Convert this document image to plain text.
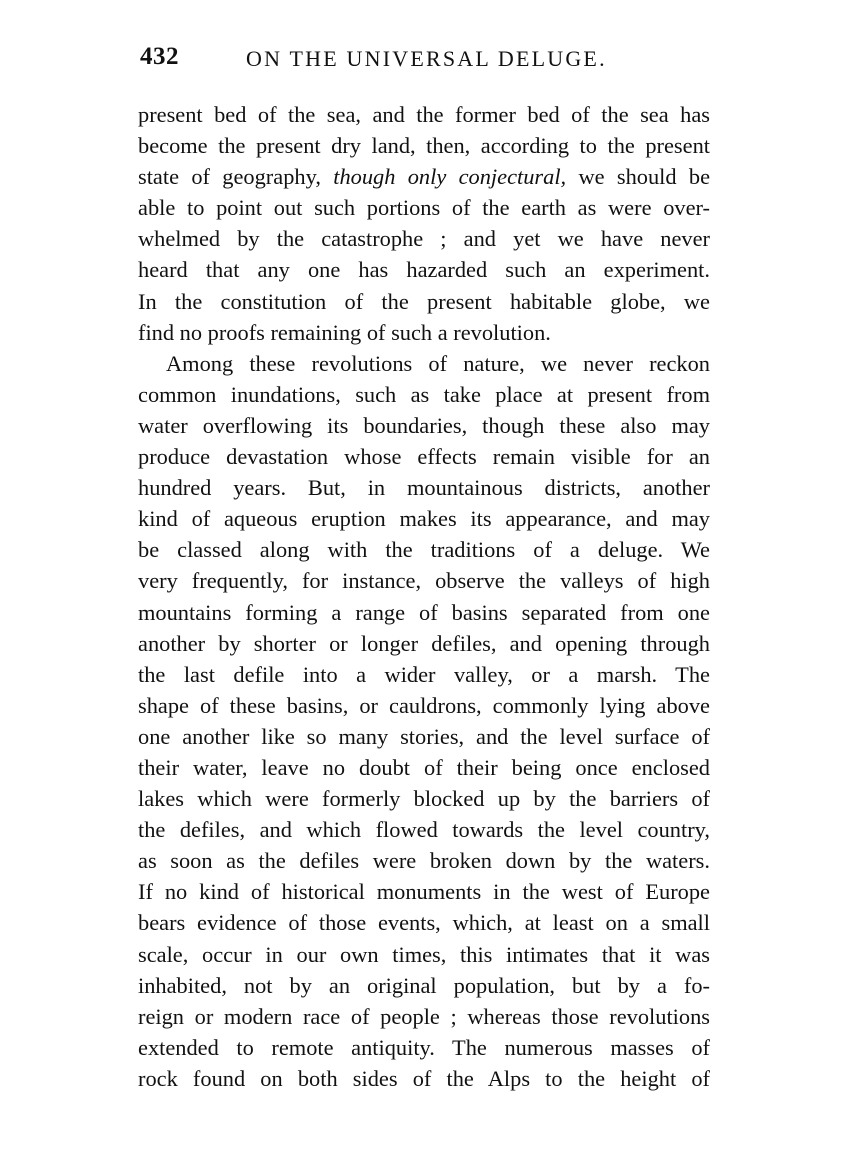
432	ON THE UNIVERSAL DELUGE.
present bed of the sea, and the former bed of the sea has
become the present dry land, then, according to the present
state of geography, though only conjectural, we should be
able to point out such portions of the earth as were over-
whelmed by the catastrophe ; and yet we have never
heard that any one has hazarded such an experiment.
In the constitution of the present habitable globe, we
find no proofs remaining of such a revolution.
Among these revolutions of nature, we never reckon
common inundations, such as take place at present from
water overflowing its boundaries, though these also may
produce devastation whose effects remain visible for an
hundred years. But, in mountainous districts, another
kind of aqueous eruption makes its appearance, and may
be classed along with the traditions of a deluge. We
very frequently, for instance, observe the valleys of high
mountains forming a range of basins separated from one
another by shorter or longer defiles, and opening through
the last defile into a wider valley, or a marsh. The
shape of these basins, or cauldrons, commonly lying above
one another like so many stories, and the level surface of
their water, leave no doubt of their being once enclosed
lakes which were formerly blocked up by the barriers of
the defiles, and which flowed towards the level country,
as soon as the defiles were broken down by the waters.
If no kind of historical monuments in the west of Europe
bears evidence of those events, which, at least on a small
scale, occur in our own times, this intimates that it was
inhabited, not by an original population, but by a fo-
reign or modern race of people ; whereas those revolutions
extended to remote antiquity. The numerous masses of
rock found on both sides of the Alps to the height of
